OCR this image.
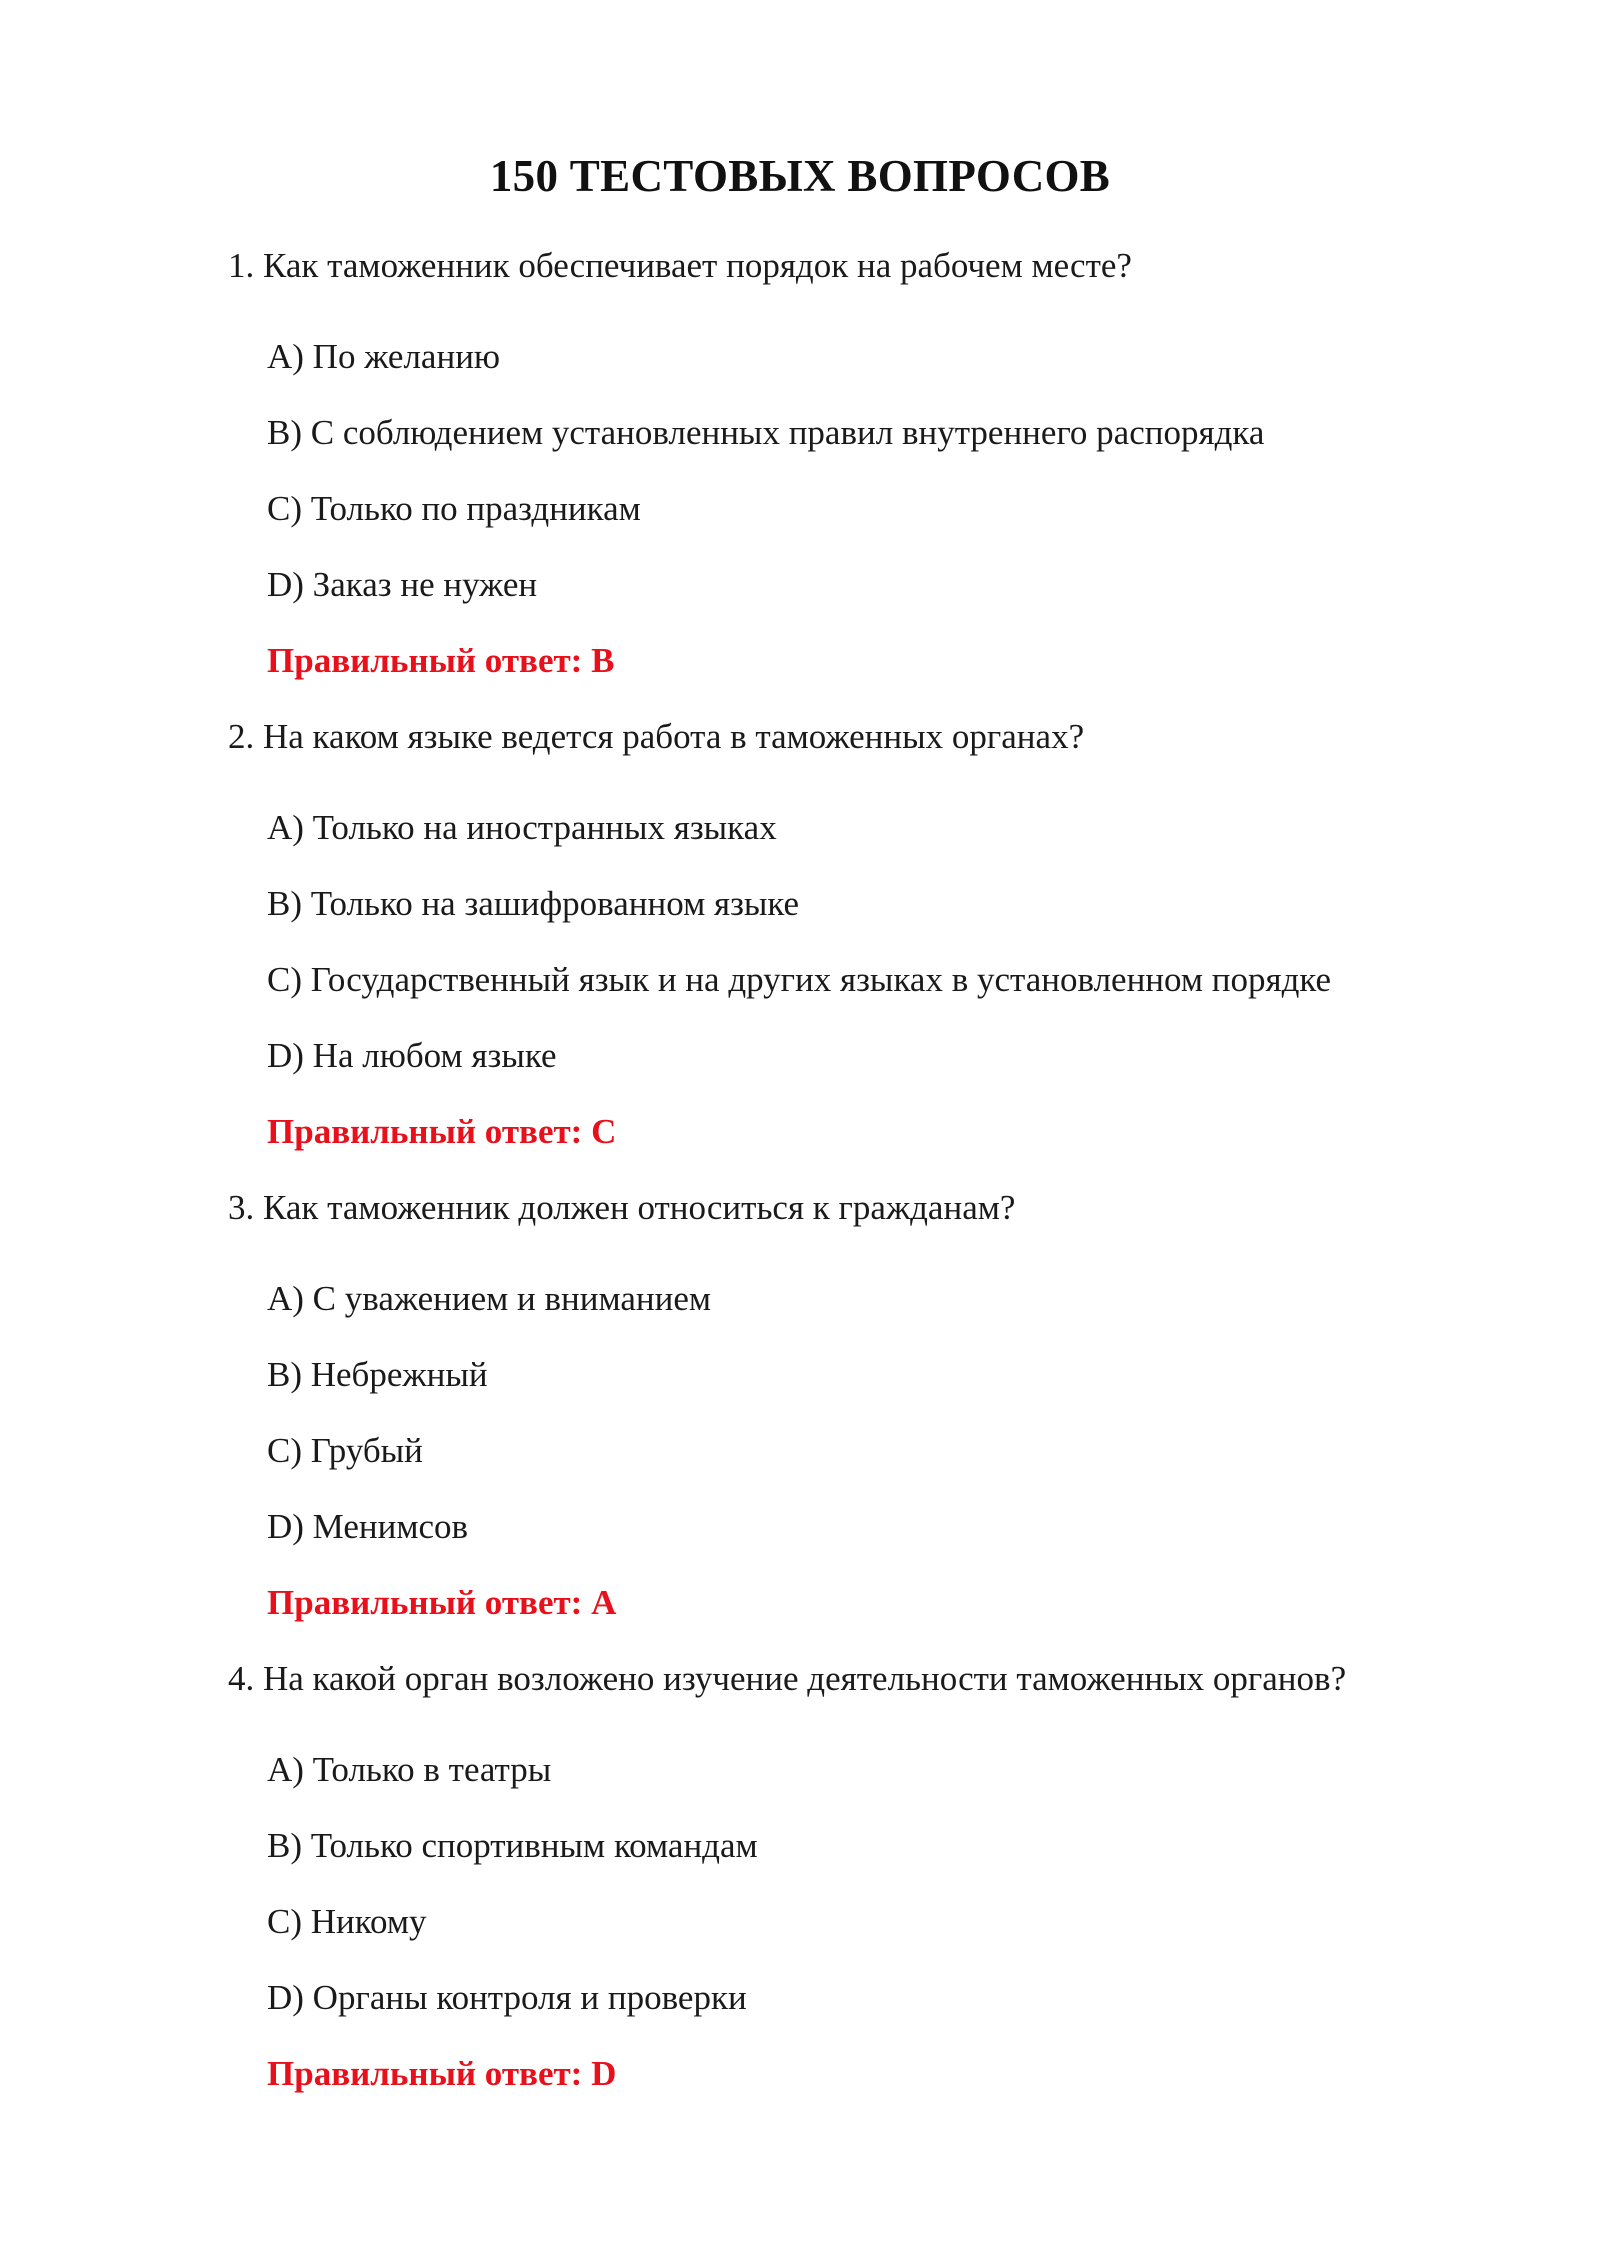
150 ТЕСТОВЫХ ВОПРОСОВ
1. Как таможенник обеспечивает порядок на рабочем месте?
A) По желанию
B) С соблюдением установленных правил внутреннего распорядка
C) Только по праздникам
D) Заказ не нужен
Правильный ответ: B
2. На каком языке ведется работа в таможенных органах?
A) Только на иностранных языках
B) Только на зашифрованном языке
C) Государственный язык и на других языках в установленном порядке
D) На любом языке
Правильный ответ: C
3. Как таможенник должен относиться к гражданам?
A) С уважением и вниманием
B) Небрежный
C) Грубый
D) Менимсов
Правильный ответ: A
4. На какой орган возложено изучение деятельности таможенных органов?
A) Только в театры
B) Только спортивным командам
C) Никому
D) Органы контроля и проверки
Правильный ответ: D
